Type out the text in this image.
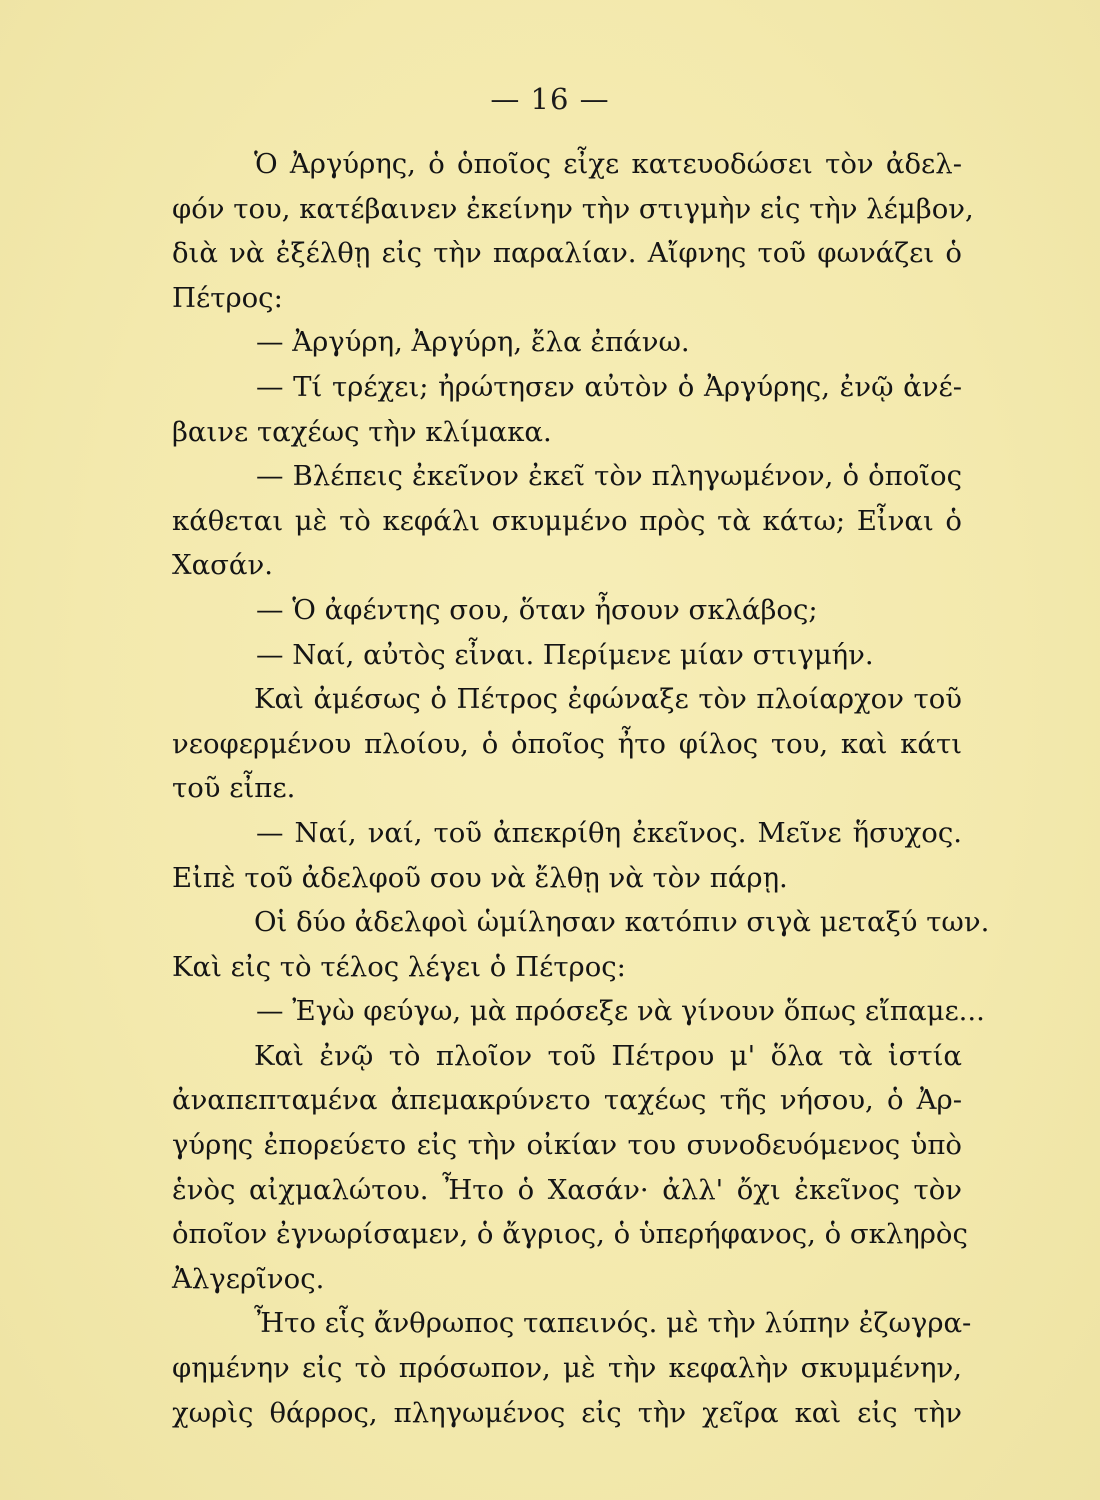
— 16 —
Ὁ Ἀργύρης, ὁ ὁποῖος εἶχε κατευοδώσει τὸν ἀδελ-
φόν του, κατέβαινεν ἐκείνην τὴν στιγμὴν εἰς τὴν λέμβον,
διὰ νὰ ἐξέλθῃ εἰς τὴν παραλίαν. Αἴφνης τοῦ φωνάζει ὁ
Πέτρος:
— Ἀργύρη, Ἀργύρη, ἔλα ἐπάνω.
— Τί τρέχει; ἠρώτησεν αὐτὸν ὁ Ἀργύρης, ἐνῷ ἀνέ-
βαινε ταχέως τὴν κλίμακα.
— Βλέπεις ἐκεῖνον ἐκεῖ τὸν πληγωμένον, ὁ ὁποῖος
κάθεται μὲ τὸ κεφάλι σκυμμένο πρὸς τὰ κάτω; Εἶναι ὁ
Χασάν.
— Ὁ ἀφέντης σου, ὅταν ἦσουν σκλάβος;
— Ναί, αὐτὸς εἶναι. Περίμενε μίαν στιγμήν.
Καὶ ἀμέσως ὁ Πέτρος ἐφώναξε τὸν πλοίαρχον τοῦ
νεοφερμένου πλοίου, ὁ ὁποῖος ἦτο φίλος του, καὶ κάτι
τοῦ εἶπε.
— Ναί, ναί, τοῦ ἀπεκρίθη ἐκεῖνος. Μεῖνε ἥσυχος.
Εἰπὲ τοῦ ἀδελφοῦ σου νὰ ἔλθῃ νὰ τὸν πάρῃ.
Οἱ δύο ἀδελφοὶ ὡμίλησαν κατόπιν σιγὰ μεταξύ των.
Καὶ εἰς τὸ τέλος λέγει ὁ Πέτρος:
— Ἐγὼ φεύγω, μὰ πρόσεξε νὰ γίνουν ὅπως εἴπαμε...
Καὶ ἐνῷ τὸ πλοῖον τοῦ Πέτρου μ' ὅλα τὰ ἱστία
ἀναπεπταμένα ἀπεμακρύνετο ταχέως τῆς νήσου, ὁ Ἀρ-
γύρης ἐπορεύετο εἰς τὴν οἰκίαν του συνοδευόμενος ὑπὸ
ἑνὸς αἰχμαλώτου. Ἦτο ὁ Χασάν· ἀλλ' ὄχι ἐκεῖνος τὸν
ὁποῖον ἐγνωρίσαμεν, ὁ ἄγριος, ὁ ὑπερήφανος, ὁ σκληρὸς
Ἀλγερῖνος.
Ἦτο εἷς ἄνθρωπος ταπεινός. μὲ τὴν λύπην ἐζωγρα-
φημένην εἰς τὸ πρόσωπον, μὲ τὴν κεφαλὴν σκυμμένην,
χωρὶς θάρρος, πληγωμένος εἰς τὴν χεῖρα καὶ εἰς τὴν
